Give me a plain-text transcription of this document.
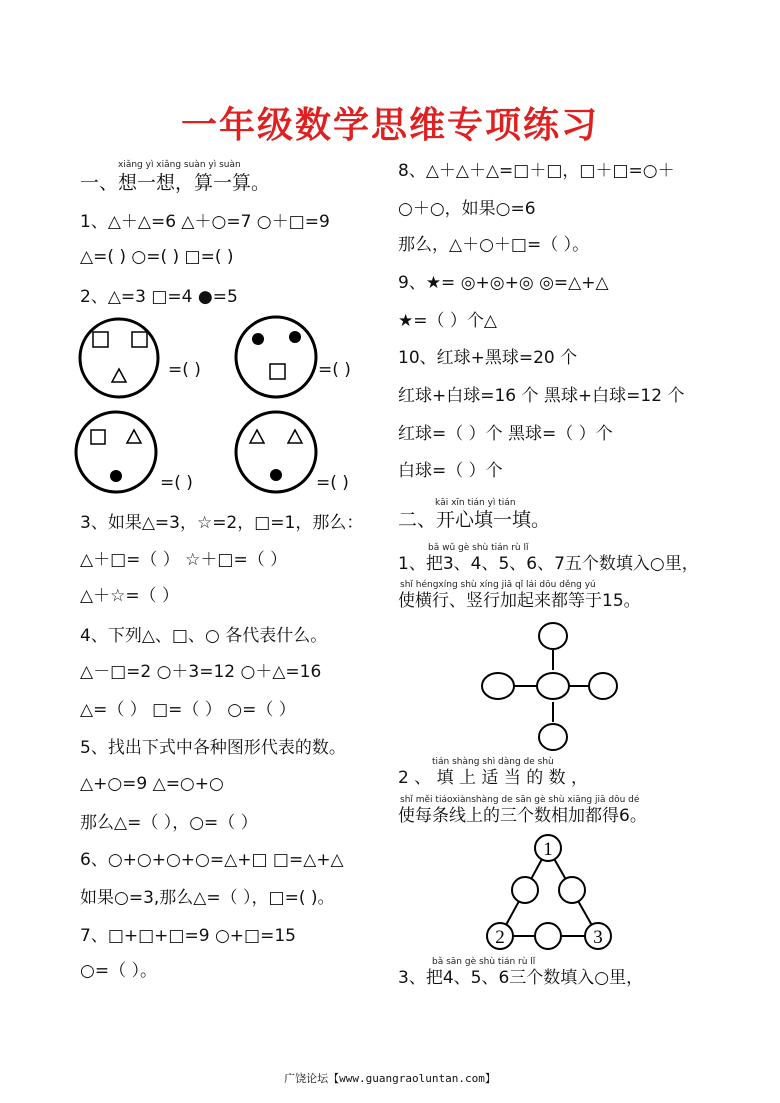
一年级数学思维专项练习
xiǎng yì xiǎng suàn yì suàn
一、想一想，算一算。
1、△＋△=6 △＋○=7 ○＋□=9
△=( ) ○=( ) □=( )
2、△=3 □=4 ●=5
=( )	=( )
=( )	=( )
3、如果△=3，☆=2，□=1，那么：
△＋□=（ ） ☆＋□=（ ）
△＋☆=（ ）
4、下列△、□、○ 各代表什么。
△－□=2 ○＋3=12 ○＋△=16
△=（ ） □=（ ） ○=（ ）
5、找出下式中各种图形代表的数。
△+○=9 △=○+○
那么△=（ ），○=（ ）
6、○+○+○+○=△+□ □=△+△
如果○=3,那么△=（ ），□=( )。
7、□+□+□=9 ○+□=15
○=（ ）。
8、△＋△＋△=□＋□，□＋□=○＋
○＋○，如果○=6
那么，△＋○＋□=（ ）。
9、★= ◎+◎+◎ ◎=△+△
★=（ ）个△
10、红球+黑球=20 个
红球+白球=16 个 黑球+白球=12 个
红球=（ ）个 黑球=（ ）个
白球=（ ）个
kāi xīn tián yì tián
二、开心填一填。
bǎ wǔ gè shù tián rù lǐ
1、把3、4、5、6、7五个数填入○里，
shǐ héngxíng shù xíng jiā qǐ lái dōu děng yú
使横行、竖行加起来都等于15。
tián shàng shì dàng de shù
2 、 填 上 适 当 的 数 ，
shǐ měi tiáoxiànshàng de sān gè shù xiāng jiā dōu dé
使每条线上的三个数相加都得6。
1
2	3
bǎ sān gè shù tián rù lǐ
3、把4、5、6三个数填入○里，
广饶论坛【www.guangraoluntan.com】
